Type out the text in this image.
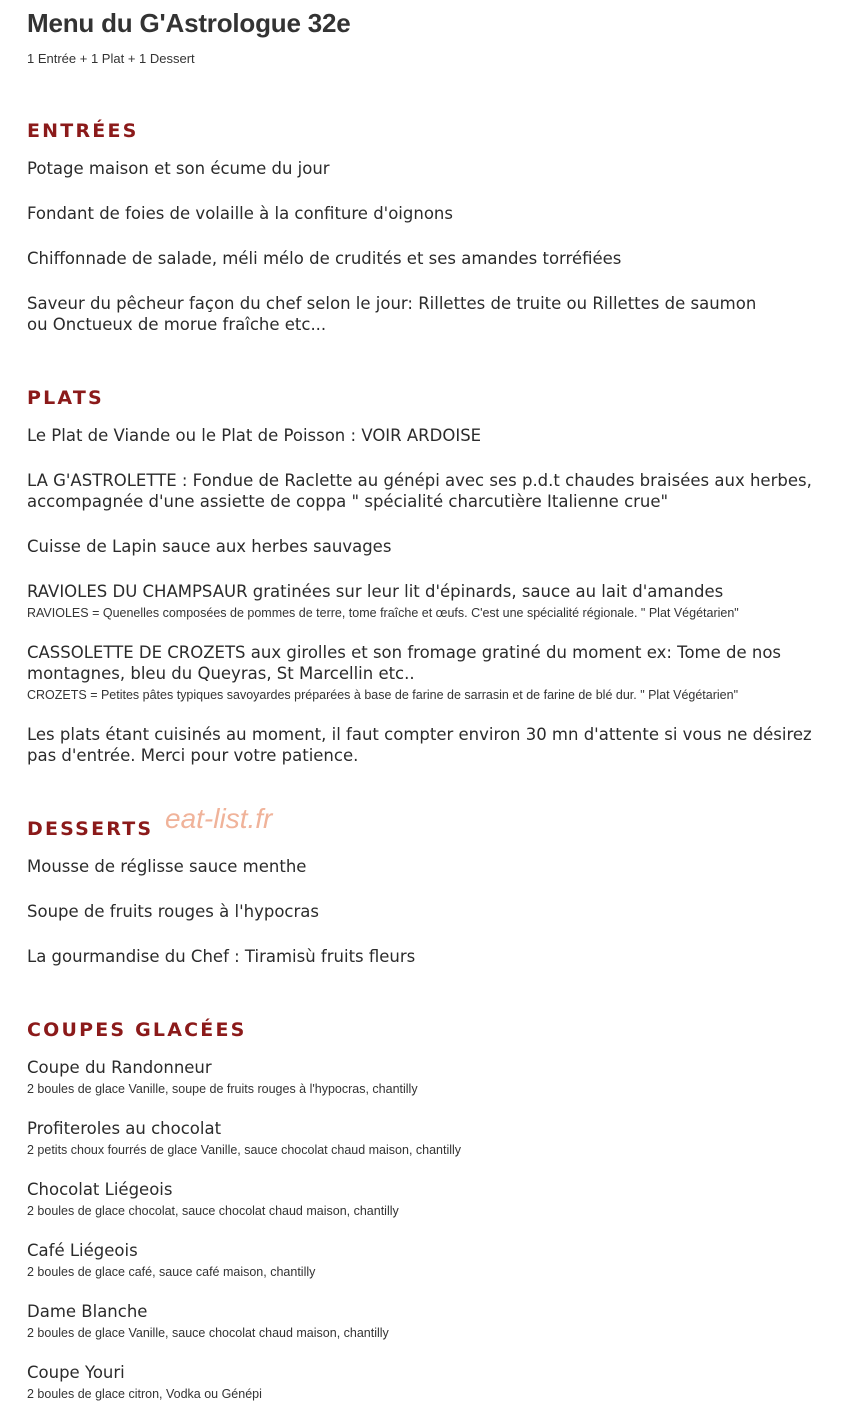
Menu du G'Astrologue 32e
1 Entrée + 1 Plat + 1 Dessert
ENTRÉES
Potage maison et son écume du jour
Fondant de foies de volaille à la confiture d'oignons
Chiffonnade de salade, méli mélo de crudités et ses amandes torréfiées
Saveur du pêcheur façon du chef selon le jour: Rillettes de truite ou Rillettes de saumon ou Onctueux de morue fraîche etc...
PLATS
Le Plat de Viande ou le Plat de Poisson : VOIR ARDOISE
LA G'ASTROLETTE : Fondue de Raclette au génépi avec ses p.d.t chaudes braisées aux herbes, accompagnée d'une assiette de coppa " spécialité charcutière Italienne crue"
Cuisse de Lapin sauce aux herbes sauvages
RAVIOLES DU CHAMPSAUR gratinées sur leur lit d'épinards, sauce au lait d'amandes
RAVIOLES = Quenelles composées de pommes de terre, tome fraîche et œufs. C'est une spécialité régionale. " Plat Végétarien"
CASSOLETTE DE CROZETS aux girolles et son fromage gratiné du moment ex: Tome de nos montagnes, bleu du Queyras, St Marcellin etc..
CROZETS = Petites pâtes typiques savoyardes préparées à base de farine de sarrasin et de farine de blé dur. " Plat Végétarien"
Les plats étant cuisinés au moment, il faut compter environ 30 mn d'attente si vous ne désirez pas d'entrée. Merci pour votre patience.
DESSERTS
Mousse de réglisse sauce menthe
Soupe de fruits rouges à l'hypocras
La gourmandise du Chef : Tiramisù fruits fleurs
COUPES GLACÉES
Coupe du Randonneur
2 boules de glace Vanille, soupe de fruits rouges à l'hypocras, chantilly
Profiteroles au chocolat
2 petits choux fourrés de glace Vanille, sauce chocolat chaud maison, chantilly
Chocolat Liégeois
2 boules de glace chocolat, sauce chocolat chaud maison, chantilly
Café Liégeois
2 boules de glace café, sauce café maison, chantilly
Dame Blanche
2 boules de glace Vanille, sauce chocolat chaud maison, chantilly
Coupe Youri
2 boules de glace citron, Vodka ou Génépi
eat-list.fr
